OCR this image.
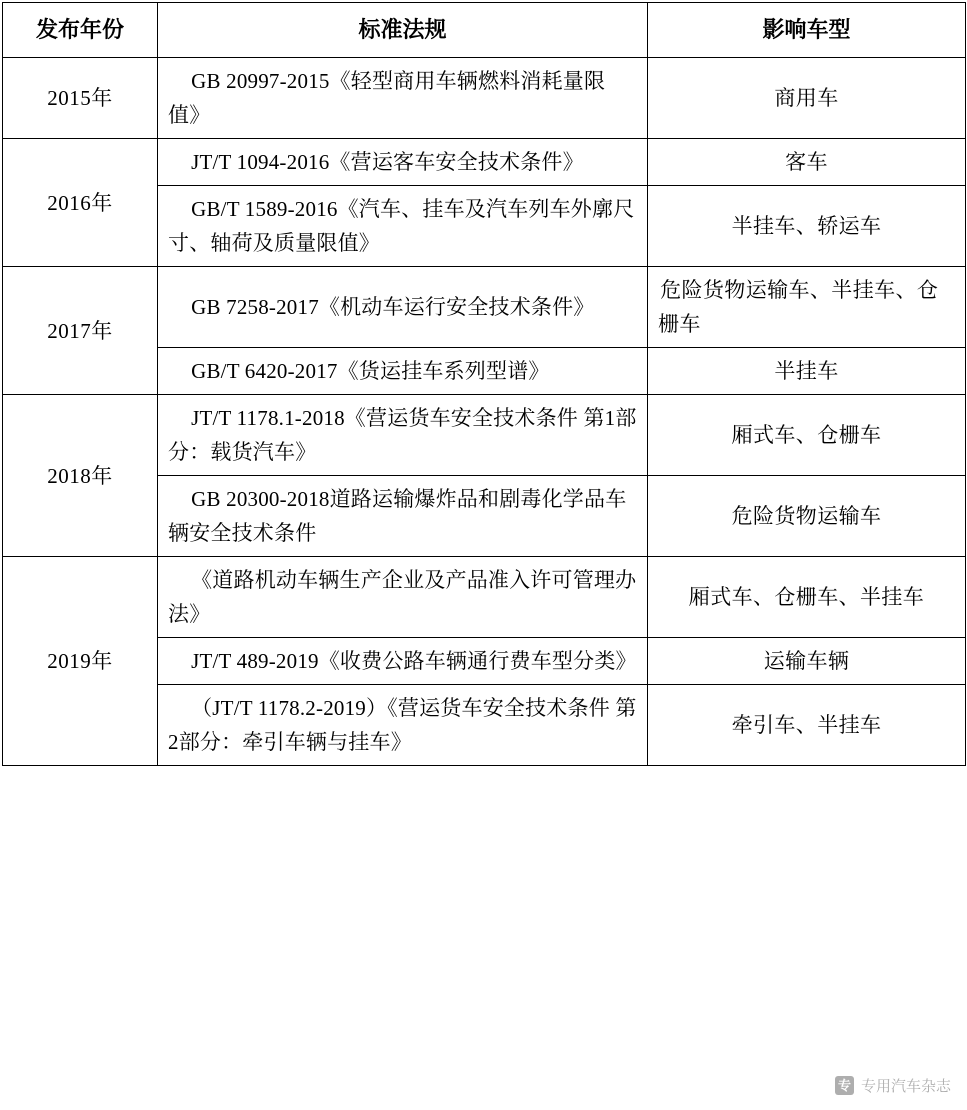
发布年份	标准法规	影响车型
2015年	GB 20997-2015《轻型商用车辆燃料消耗量限值》	商用车
2016年	JT/T 1094-2016《营运客车安全技术条件》	客车
	GB/T 1589-2016《汽车、挂车及汽车列车外廓尺寸、轴荷及质量限值》	半挂车、轿运车
2017年	GB 7258-2017《机动车运行安全技术条件》	危险货物运输车、半挂车、仓栅车
	GB/T 6420-2017《货运挂车系列型谱》	半挂车
2018年	JT/T 1178.1-2018《营运货车安全技术条件 第1部分：载货汽车》	厢式车、仓栅车
	GB 20300-2018道路运输爆炸品和剧毒化学品车辆安全技术条件	危险货物运输车
2019年	《道路机动车辆生产企业及产品准入许可管理办法》	厢式车、仓栅车、半挂车
	JT/T 489-2019《收费公路车辆通行费车型分类》	运输车辆
	（JT/T 1178.2-2019）《营运货车安全技术条件 第2部分：牵引车辆与挂车》	牵引车、半挂车
专 专用汽车杂志
